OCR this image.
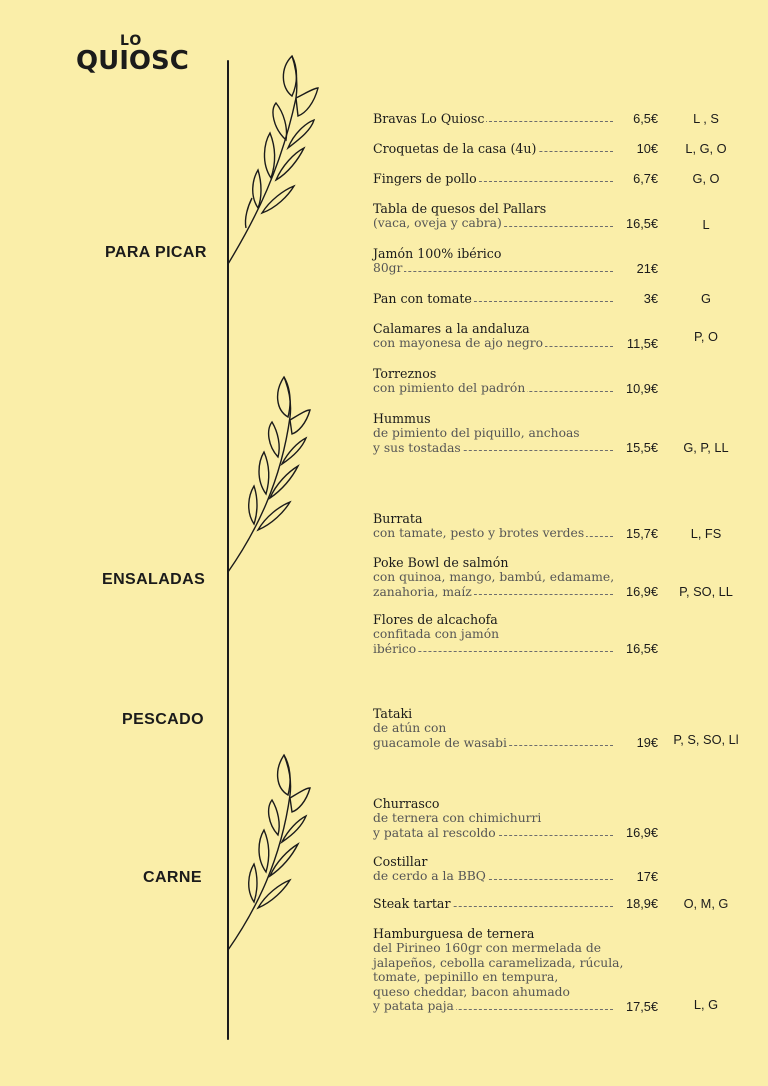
LO
QUIOSC
PARA PICAR
ENSALADAS
PESCADO
CARNE
Bravas Lo Quiosc	6,5€	L , S
Croquetas de la casa (4u)	10€	L, G, O
Fingers de pollo	6,7€	G, O
Tabla de quesos del Pallars
(vaca, oveja y cabra)	16,5€	L
Jamón 100% ibérico
80gr	21€
Pan con tomate	3€	G
Calamares a la andaluza
con mayonesa de ajo negro	11,5€	P, O
Torreznos
con pimiento del padrón	10,9€
Hummus
de pimiento del piquillo, anchoas
y sus tostadas	15,5€	G, P, LL
Burrata
con tamate, pesto y brotes verdes	15,7€	L, FS
Poke Bowl de salmón
con quinoa, mango, bambú, edamame,
zanahoria, maíz	16,9€	P, SO, LL
Flores de alcachofa
confitada con jamón
ibérico	16,5€
Tataki
de atún con
guacamole de wasabi	19€	P, S, SO, Ll
Churrasco
de ternera con chimichurri
y patata al rescoldo	16,9€
Costillar
de cerdo a la BBQ	17€
Steak tartar	18,9€	O, M, G
Hamburguesa de ternera
del Pirineo 160gr con mermelada de
jalapeños, cebolla caramelizada, rúcula,
tomate, pepinillo en tempura,
queso cheddar, bacon ahumado
y patata paja	17,5€	L, G
